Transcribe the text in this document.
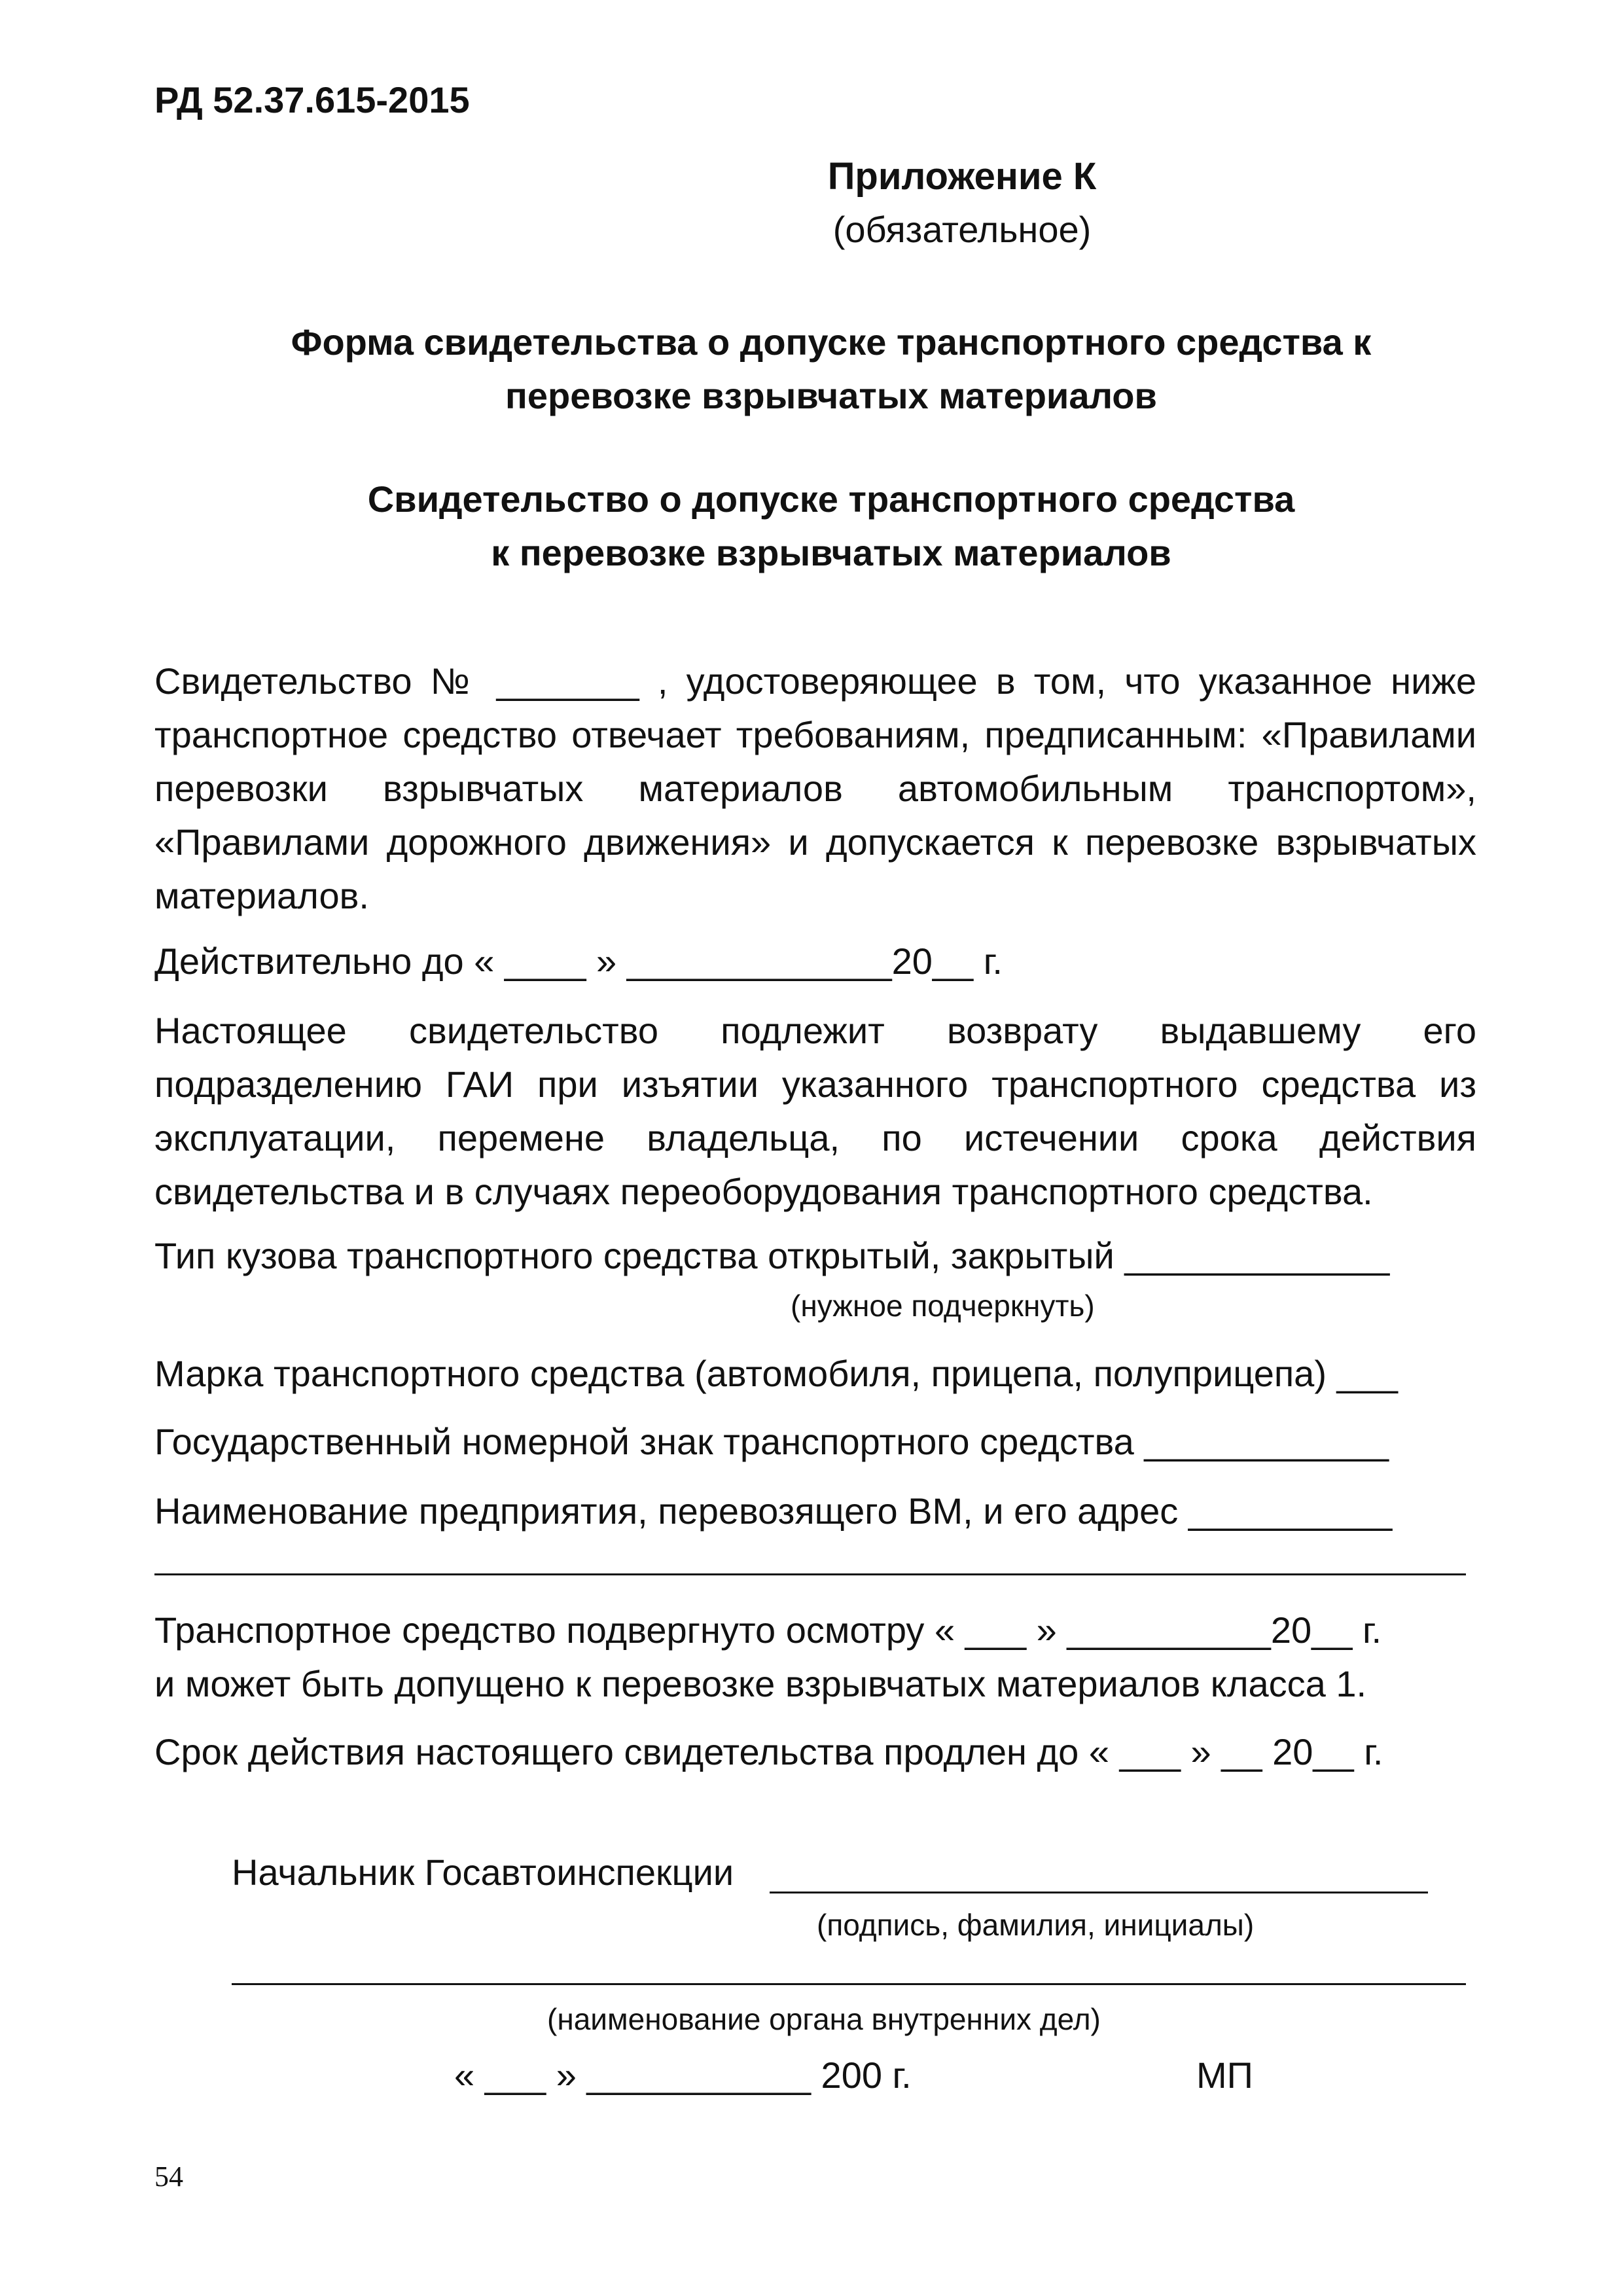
РД 52.37.615-2015
Приложение К
(обязательное)
Форма свидетельства о допуске транспортного средства к
перевозке взрывчатых материалов
Свидетельство о допуске транспортного средства
к перевозке взрывчатых материалов
Свидетельство № _______ , удостоверяющее в том, что указанное ниже транспортное средство отвечает требованиям, предписанным: «Правилами перевозки взрывчатых материалов автомобильным транспортом», «Правилами дорожного движения» и допускается к перевозке взрывчатых материалов.
Действительно до « ____ » _____________20__ г.
Настоящее свидетельство подлежит возврату выдавшему его подразделению ГАИ при изъятии указанного транспортного средства из эксплуатации, перемене владельца, по истечении срока действия свидетельства и в случаях переоборудования транспортного средства.
Тип кузова транспортного средства открытый, закрытый _____________
(нужное подчеркнуть)
Марка транспортного средства (автомобиля, прицепа, полуприцепа) ___
Государственный номерной знак транспортного средства ____________
Наименование предприятия, перевозящего ВМ, и его адрес __________
Транспортное средство подвергнуто осмотру « ___ » __________20__ г.
и может быть допущено к перевозке взрывчатых материалов класса 1.
Срок действия настоящего свидетельства продлен до « ___ » __ 20__ г.
Начальник Госавтоинспекции
(подпись, фамилия, инициалы)
(наименование органа внутренних дел)
« ___ » ___________ 200 г.	МП
54
